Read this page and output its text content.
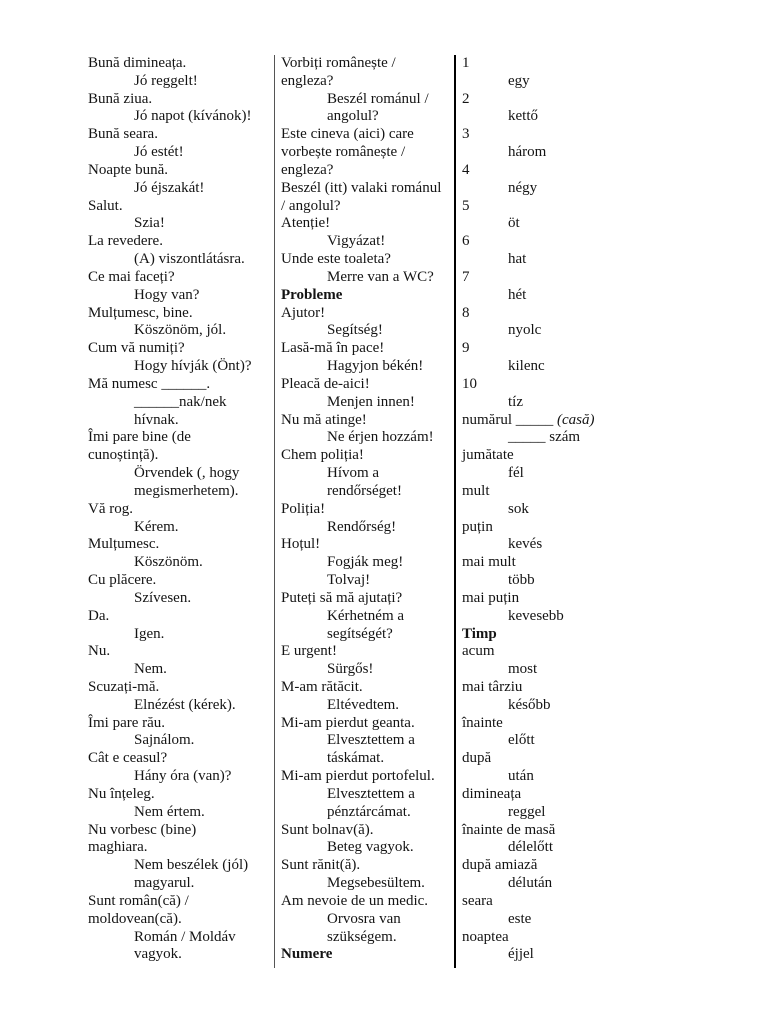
Bună dimineața.
Jó reggelt!
Bună ziua.
Jó napot (kívánok)!
Bună seara.
Jó estét!
Noapte bună.
Jó éjszakát!
Salut.
Szia!
La revedere.
(A) viszontlátásra.
Ce mai faceți?
Hogy van?
Mulțumesc, bine.
Köszönöm, jól.
Cum vă numiți?
Hogy hívják (Önt)?
Mă numesc ______.
______nak/nek
hívnak.
Îmi pare bine (de
cunoștință).
Örvendek (, hogy
megismerhetem).
Vă rog.
Kérem.
Mulțumesc.
Köszönöm.
Cu plăcere.
Szívesen.
Da.
Igen.
Nu.
Nem.
Scuzați-mă.
Elnézést (kérek).
Îmi pare rău.
Sajnálom.
Cât e ceasul?
Hány óra (van)?
Nu înțeleg.
Nem értem.
Nu vorbesc (bine)
maghiara.
Nem beszélek (jól)
magyarul.
Sunt român(că) /
moldovean(că).
Román / Moldáv
vagyok.
Vorbiți românește /
engleza?
Beszél románul /
angolul?
Este cineva (aici) care
vorbește românește /
engleza?
Beszél (itt) valaki románul
/ angolul?
Atenție!
Vigyázat!
Unde este toaleta?
Merre van a WC?
Probleme
Ajutor!
Segítség!
Lasă-mă în pace!
Hagyjon békén!
Pleacă de-aici!
Menjen innen!
Nu mă atinge!
Ne érjen hozzám!
Chem poliția!
Hívom a
rendőrséget!
Poliția!
Rendőrség!
Hoțul!
Fogják meg!
Tolvaj!
Puteți să mă ajutați?
Kérhetném a
segítségét?
E urgent!
Sürgős!
M-am rătăcit.
Eltévedtem.
Mi-am pierdut geanta.
Elvesztettem a
táskámat.
Mi-am pierdut portofelul.
Elvesztettem a
pénztárcámat.
Sunt bolnav(ă).
Beteg vagyok.
Sunt rănit(ă).
Megsebesültem.
Am nevoie de un medic.
Orvosra van
szükségem.
Numere
1
egy
2
kettő
3
három
4
négy
5
öt
6
hat
7
hét
8
nyolc
9
kilenc
10
tíz
numărul _____ (casă)
_____ szám
jumătate
fél
mult
sok
puțin
kevés
mai mult
több
mai puțin
kevesebb
Timp
acum
most
mai târziu
később
înainte
előtt
după
után
dimineața
reggel
înainte de masă
délelőtt
după amiază
délután
seara
este
noaptea
éjjel
